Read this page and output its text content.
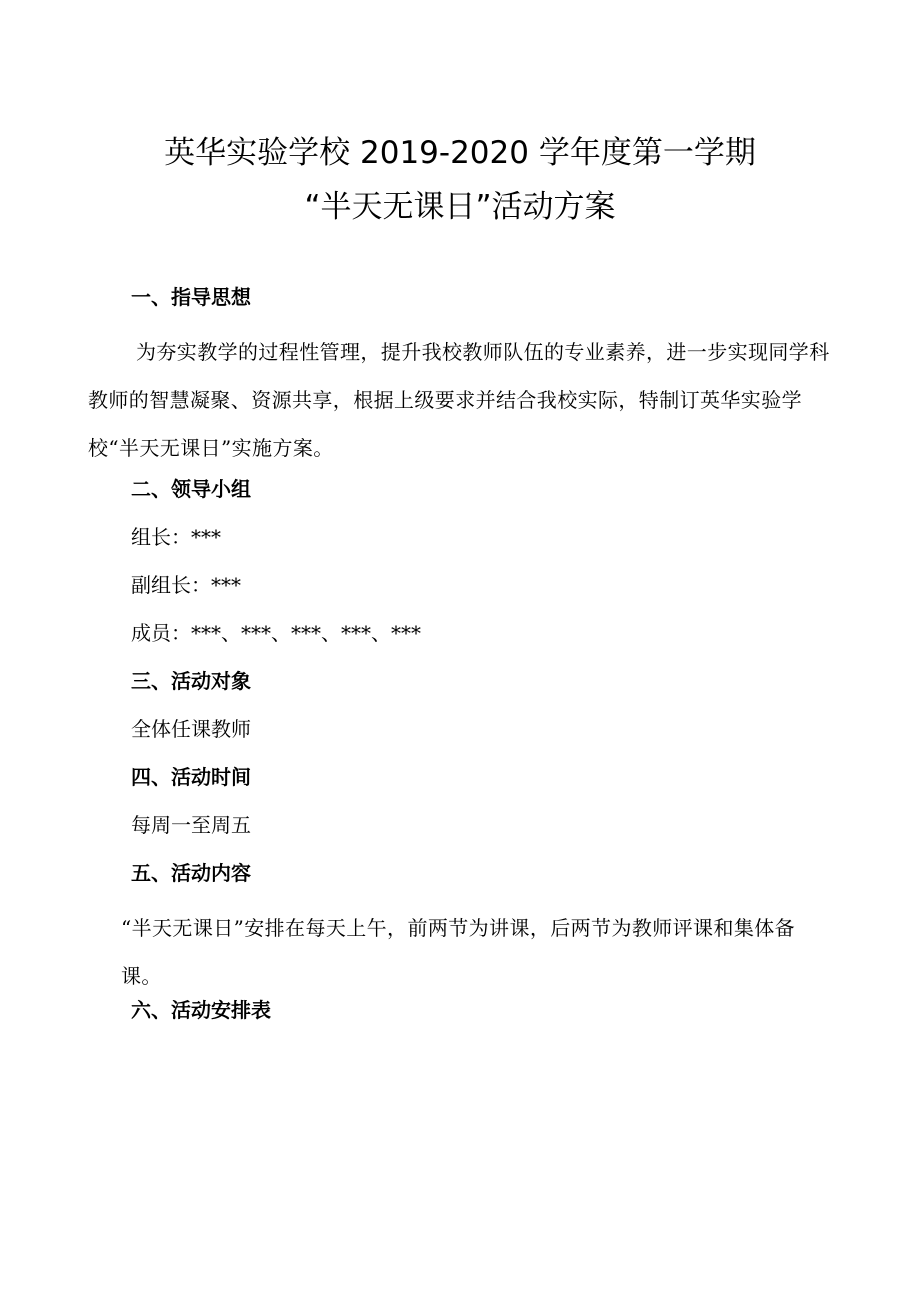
英华实验学校 2019-2020 学年度第一学期
“半天无课日”活动方案
一、指导思想
为夯实教学的过程性管理，提升我校教师队伍的专业素养，进一步实现同学科教师的智慧凝聚、资源共享，根据上级要求并结合我校实际，特制订英华实验学校“半天无课日”实施方案。
二、领导小组
组长：***
副组长：***
成员：***、***、***、***、***
三、活动对象
全体任课教师
四、活动时间
每周一至周五
五、活动内容
“半天无课日”安排在每天上午，前两节为讲课，后两节为教师评课和集体备课。
六、活动安排表
